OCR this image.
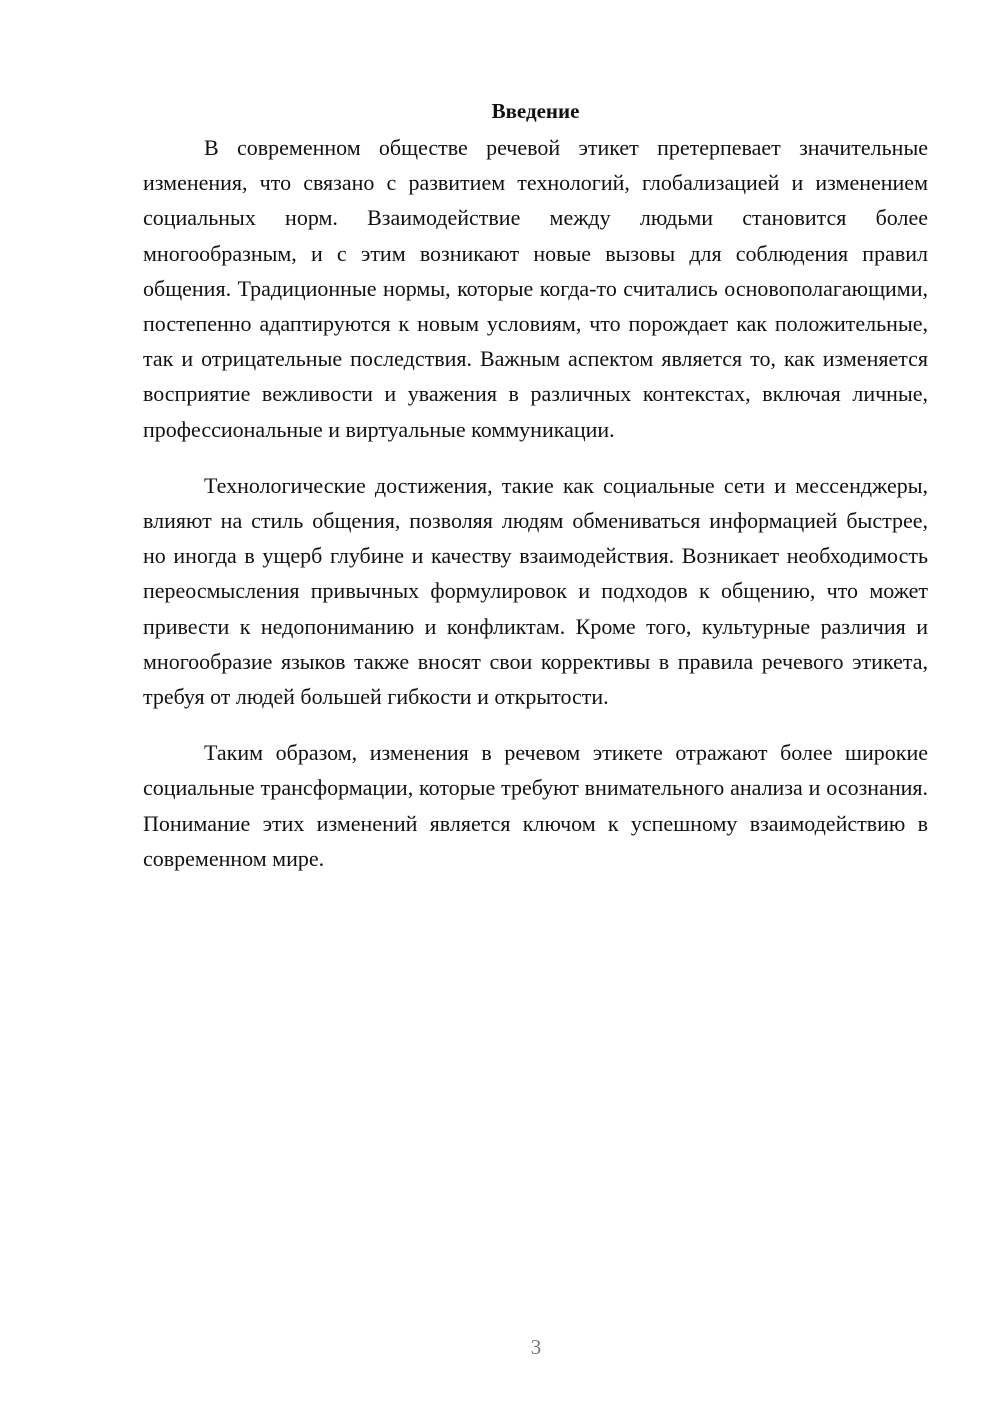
Введение

В современном обществе речевой этикет претерпевает значительные изменения, что связано с развитием технологий, глобализацией и изменением социальных норм. Взаимодействие между людьми становится более многообразным, и с этим возникают новые вызовы для соблюдения правил общения. Традиционные нормы, которые когда-то считались основополагающими, постепенно адаптируются к новым условиям, что порождает как положительные, так и отрицательные последствия. Важным аспектом является то, как изменяется восприятие вежливости и уважения в различных контекстах, включая личные, профессиональные и виртуальные коммуникации.

Технологические достижения, такие как социальные сети и мессенджеры, влияют на стиль общения, позволяя людям обмениваться информацией быстрее, но иногда в ущерб глубине и качеству взаимодействия. Возникает необходимость переосмысления привычных формулировок и подходов к общению, что может привести к недопониманию и конфликтам. Кроме того, культурные различия и многообразие языков также вносят свои коррективы в правила речевого этикета, требуя от людей большей гибкости и открытости.

Таким образом, изменения в речевом этикете отражают более широкие социальные трансформации, которые требуют внимательного анализа и осознания. Понимание этих изменений является ключом к успешному взаимодействию в современном мире.

3
